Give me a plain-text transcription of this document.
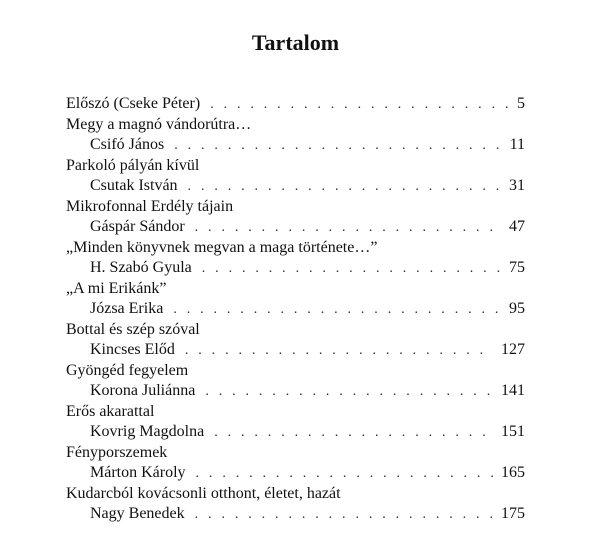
Tartalom
Előszó (Cseke Péter) . . .	5
Megy a magnó vándorútra…
Csifó János . . .	11
Parkoló pályán kívül
Csutak István . . .	31
Mikrofonnal Erdély tájain
Gáspár Sándor . . .	47
„Minden könyvnek megvan a maga története…”
H. Szabó Gyula . . .	75
„A mi Erikánk”
Józsa Erika . . .	95
Bottal és szép szóval
Kincses Előd . . .	127
Gyöngéd fegyelem
Korona Juliánna . . .	141
Erős akarattal
Kovrig Magdolna . . .	151
Fényporszemek
Márton Károly . . .	165
Kudarcból kovácsonli otthont, életet, hazát
Nagy Benedek . . .	175
